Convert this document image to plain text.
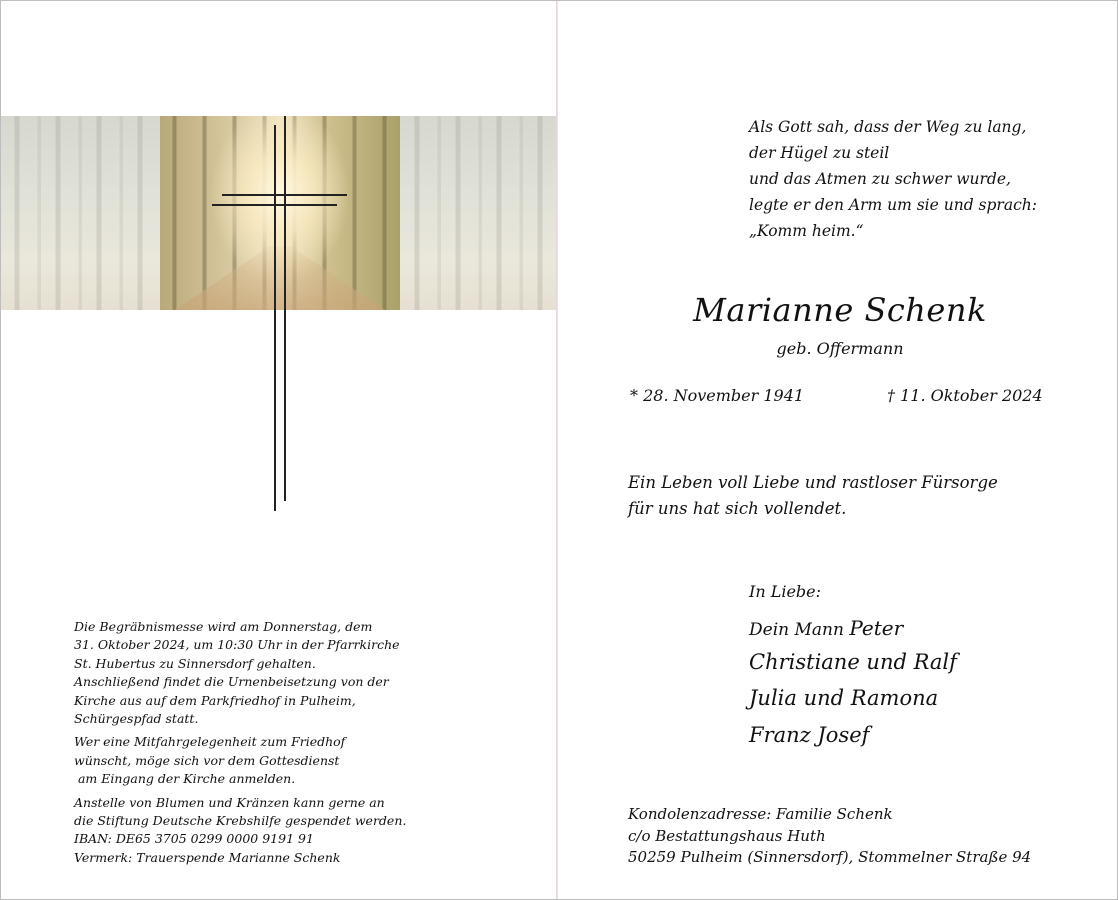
Die Begräbnismesse wird am Donnerstag, dem
31. Oktober 2024, um 10:30 Uhr in der Pfarrkirche
St. Hubertus zu Sinnersdorf gehalten.
Anschließend findet die Urnenbeisetzung von der
Kirche aus auf dem Parkfriedhof in Pulheim,
Schürgespfad statt.

Wer eine Mitfahrgelegenheit zum Friedhof
wünscht, möge sich vor dem Gottesdienst
am Eingang der Kirche anmelden.

Anstelle von Blumen und Kränzen kann gerne an
die Stiftung Deutsche Krebshilfe gespendet werden.
IBAN: DE65 3705 0299 0000 9191 91
Vermerk: Trauerspende Marianne Schenk

Als Gott sah, dass der Weg zu lang,
der Hügel zu steil
und das Atmen zu schwer wurde,
legte er den Arm um sie und sprach:
„Komm heim.“
Marianne Schenk
geb. Offermann
* 28. November 1941	† 11. Oktober 2024
Ein Leben voll Liebe und rastloser Fürsorge
für uns hat sich vollendet.
In Liebe:
Dein Mann Peter
Christiane und Ralf
Julia und Ramona
Franz Josef
Kondolenzadresse: Familie Schenk
c/o Bestattungshaus Huth
50259 Pulheim (Sinnersdorf), Stommelner Straße 94
